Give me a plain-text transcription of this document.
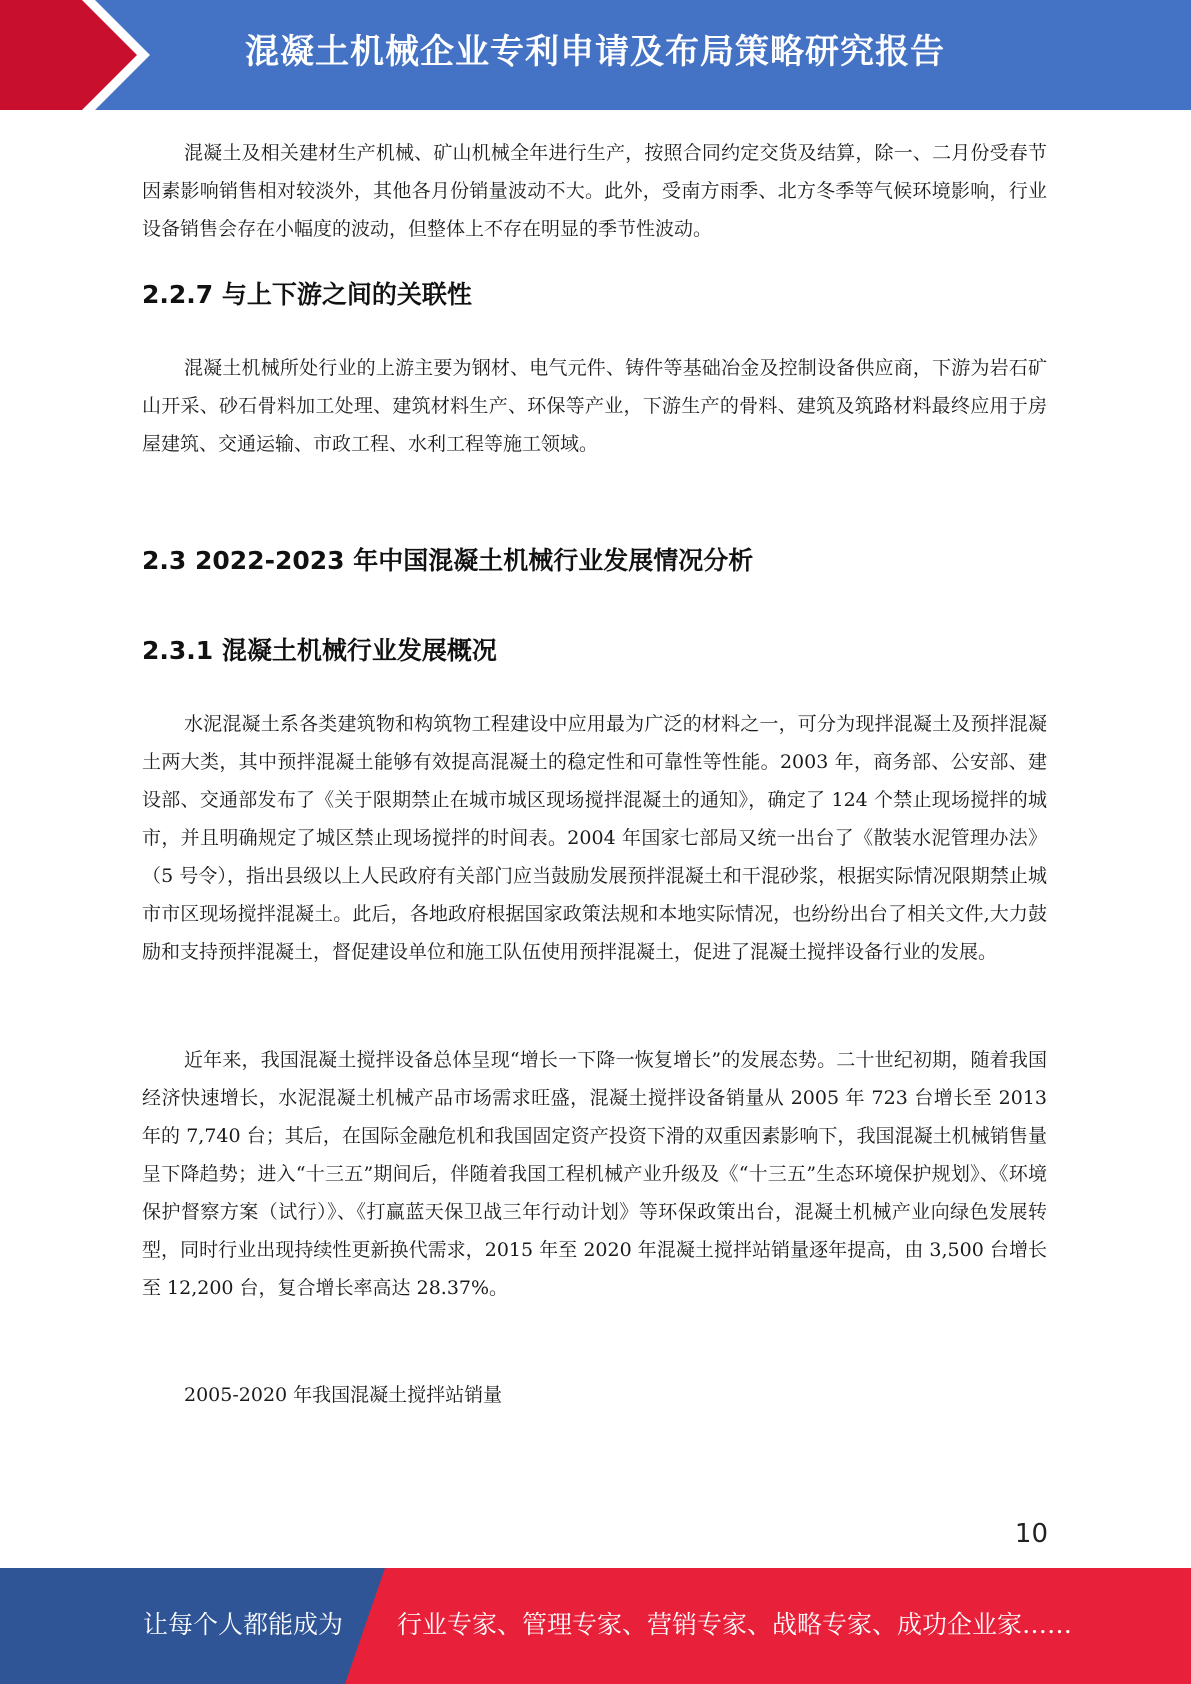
混凝土机械企业专利申请及布局策略研究报告

混凝土及相关建材生产机械、矿山机械全年进行生产，按照合同约定交货及结算，除一、二月份受春节因素影响销售相对较淡外，其他各月份销量波动不大。此外，受南方雨季、北方冬季等气候环境影响，行业设备销售会存在小幅度的波动，但整体上不存在明显的季节性波动。

2.2.7 与上下游之间的关联性

混凝土机械所处行业的上游主要为钢材、电气元件、铸件等基础冶金及控制设备供应商，下游为岩石矿山开采、砂石骨料加工处理、建筑材料生产、环保等产业，下游生产的骨料、建筑及筑路材料最终应用于房屋建筑、交通运输、市政工程、水利工程等施工领域。

2.3 2022-2023 年中国混凝土机械行业发展情况分析
2.3.1 混凝土机械行业发展概况

水泥混凝土系各类建筑物和构筑物工程建设中应用最为广泛的材料之一，可分为现拌混凝土及预拌混凝土两大类，其中预拌混凝土能够有效提高混凝土的稳定性和可靠性等性能。2003 年，商务部、公安部、建设部、交通部发布了《关于限期禁止在城市城区现场搅拌混凝土的通知》，确定了 124 个禁止现场搅拌的城市，并且明确规定了城区禁止现场搅拌的时间表。2004 年国家七部局又统一出台了《散装水泥管理办法》（5 号令），指出县级以上人民政府有关部门应当鼓励发展预拌混凝土和干混砂浆，根据实际情况限期禁止城市市区现场搅拌混凝土。此后，各地政府根据国家政策法规和本地实际情况，也纷纷出台了相关文件,大力鼓励和支持预拌混凝土，督促建设单位和施工队伍使用预拌混凝土，促进了混凝土搅拌设备行业的发展。

近年来，我国混凝土搅拌设备总体呈现“增长一下降一恢复增长”的发展态势。二十世纪初期，随着我国经济快速增长，水泥混凝土机械产品市场需求旺盛，混凝土搅拌设备销量从 2005 年 723 台增长至 2013 年的 7,740 台；其后，在国际金融危机和我国固定资产投资下滑的双重因素影响下，我国混凝土机械销售量呈下降趋势；进入“十三五”期间后，伴随着我国工程机械产业升级及《“十三五”生态环境保护规划》、《环境保护督察方案（试行）》、《打赢蓝天保卫战三年行动计划》等环保政策出台，混凝土机械产业向绿色发展转型，同时行业出现持续性更新换代需求，2015 年至 2020 年混凝土搅拌站销量逐年提高，由 3,500 台增长至 12,200 台，复合增长率高达 28.37%。

2005-2020 年我国混凝土搅拌站销量

10
让每个人都能成为 行业专家、管理专家、营销专家、战略专家、成功企业家……
